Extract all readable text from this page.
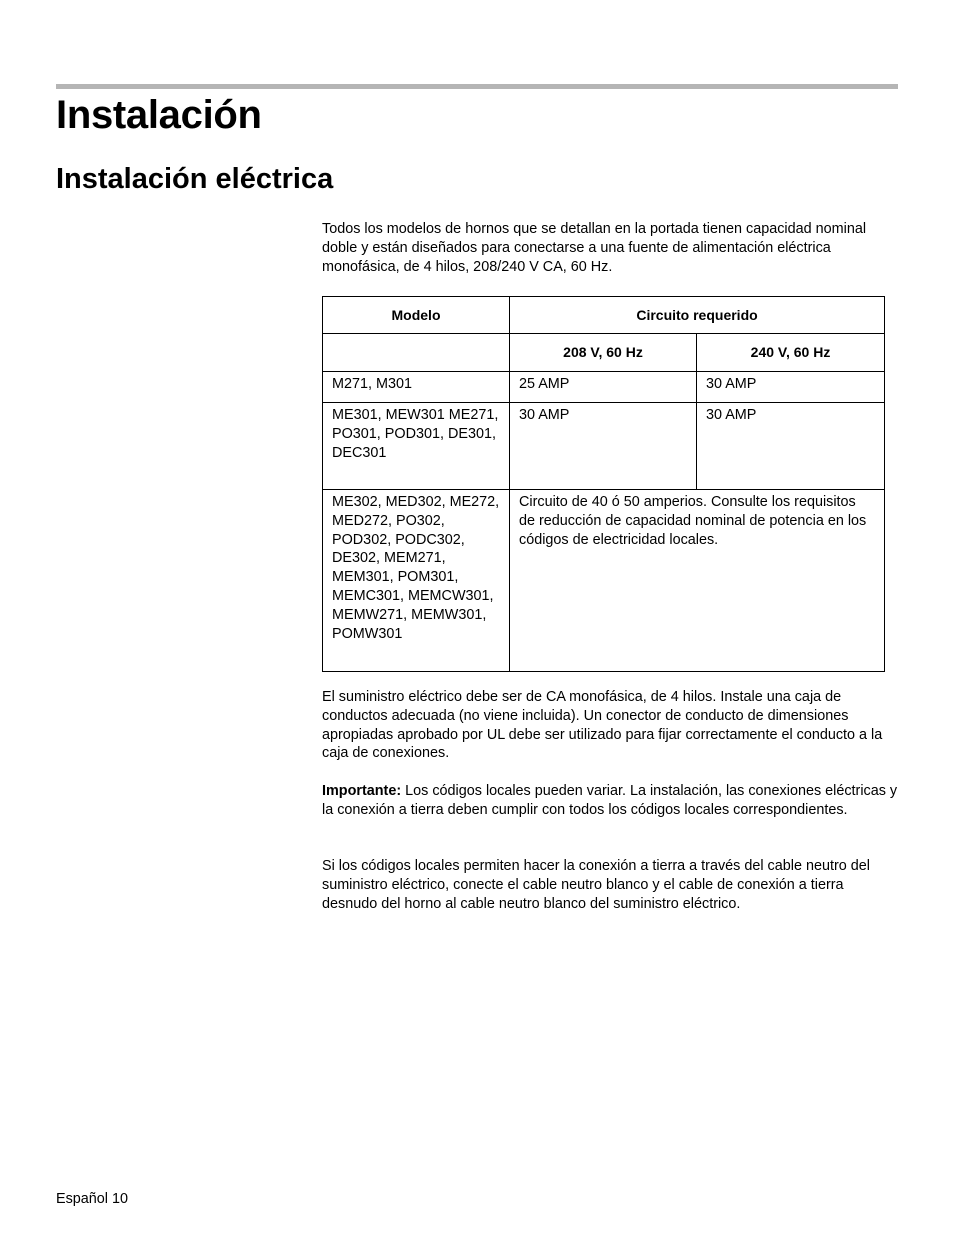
Instalación
Instalación eléctrica

Todos los modelos de hornos que se detallan en la portada tienen capacidad nominal doble y están diseñados para conectarse a una fuente de alimentación eléctrica monofásica, de 4 hilos, 208/240 V CA, 60 Hz.

Modelo	Circuito requerido	
	208 V, 60 Hz	240 V, 60 Hz
M271, M301	25 AMP	30 AMP
ME301, MEW301 ME271, PO301, POD301, DE301, DEC301	30 AMP	30 AMP
ME302, MED302, ME272, MED272, PO302, POD302, PODC302, DE302, MEM271, MEM301, POM301, MEMC301, MEMCW301, MEMW271, MEMW301, POMW301	Circuito de 40 ó 50 amperios. Consulte los requisitos de reducción de capacidad nominal de potencia en los códigos de electricidad locales.	

El suministro eléctrico debe ser de CA monofásica, de 4 hilos. Instale una caja de conductos adecuada (no viene incluida). Un conector de conducto de dimensiones apropiadas aprobado por UL debe ser utilizado para fijar correctamente el conducto a la caja de conexiones.

Importante: Los códigos locales pueden variar. La instalación, las conexiones eléctricas y la conexión a tierra deben cumplir con todos los códigos locales correspondientes.

Si los códigos locales permiten hacer la conexión a tierra a través del cable neutro del suministro eléctrico, conecte el cable neutro blanco y el cable de conexión a tierra desnudo del horno al cable neutro blanco del suministro eléctrico.

Español 10
